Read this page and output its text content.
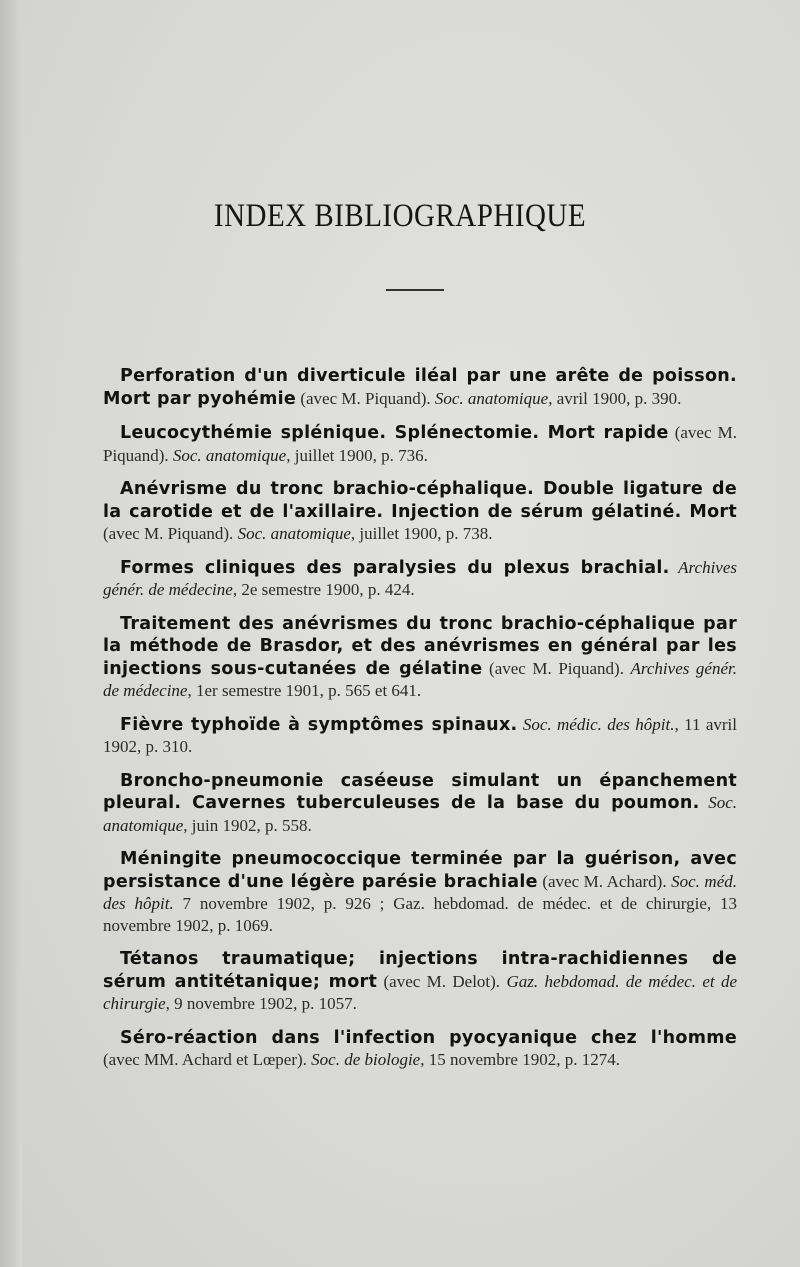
INDEX BIBLIOGRAPHIQUE

Perforation d'un diverticule iléal par une arête de poisson. Mort par pyohémie (avec M. Piquand). Soc. anatomique, avril 1900, p. 390.

Leucocythémie splénique. Splénectomie. Mort rapide (avec M. Piquand). Soc. anatomique, juillet 1900, p. 736.

Anévrisme du tronc brachio-céphalique. Double ligature de la carotide et de l'axillaire. Injection de sérum gélatiné. Mort (avec M. Piquand). Soc. anatomique, juillet 1900, p. 738.

Formes cliniques des paralysies du plexus brachial. Archives génér. de médecine, 2e semestre 1900, p. 424.

Traitement des anévrismes du tronc brachio-céphalique par la méthode de Brasdor, et des anévrismes en général par les injections sous-cutanées de gélatine (avec M. Piquand). Archives génér. de médecine, 1er semestre 1901, p. 565 et 641.

Fièvre typhoïde à symptômes spinaux. Soc. médic. des hôpit., 11 avril 1902, p. 310.

Broncho-pneumonie caséeuse simulant un épanchement pleural. Cavernes tuberculeuses de la base du poumon. Soc. anatomique, juin 1902, p. 558.

Méningite pneumococcique terminée par la guérison, avec persistance d'une légère parésie brachiale (avec M. Achard). Soc. méd. des hôpit. 7 novembre 1902, p. 926 ; Gaz. hebdomad. de médec. et de chirurgie, 13 novembre 1902, p. 1069.

Tétanos traumatique; injections intra-rachidiennes de sérum antitétanique; mort (avec M. Delot). Gaz. hebdomad. de médec. et de chirurgie, 9 novembre 1902, p. 1057.

Séro-réaction dans l'infection pyocyanique chez l'homme (avec MM. Achard et Lœper). Soc. de biologie, 15 novembre 1902, p. 1274.
